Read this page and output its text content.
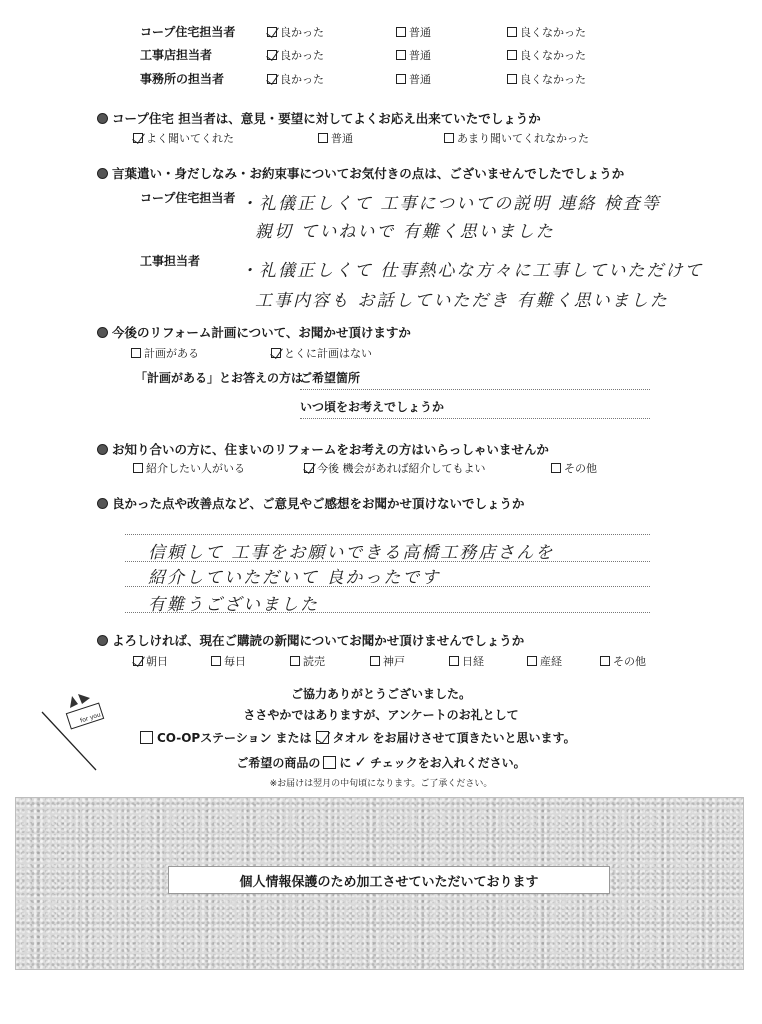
コープ住宅担当者	良かった	普通	良くなかった
工事店担当者	良かった	普通	良くなかった
事務所の担当者	良かった	普通	良くなかった
コープ住宅 担当者は、意見・要望に対してよくお応え出来ていたでしょうか
よく聞いてくれた	普通	あまり聞いてくれなかった
言葉遣い・身だしなみ・お約束事についてお気付きの点は、ございませんでしたでしょうか
コープ住宅担当者 ・礼儀正しくて 工事についての説明 連絡 検査等
親切 ていねいで 有難く思いました
工事担当者 ・礼儀正しくて 仕事熱心な方々に工事していただけて
工事内容も お話していただき 有難く思いました
今後のリフォーム計画について、お聞かせ頂けますか
計画がある	とくに計画はない
「計画がある」とお答えの方は
ご希望箇所
いつ頃をお考えでしょうか
お知り合いの方に、住まいのリフォームをお考えの方はいらっしゃいませんか
紹介したい人がいる	今後 機会があれば紹介してもよい	その他
良かった点や改善点など、ご意見やご感想をお聞かせ頂けないでしょうか
信頼して 工事をお願いできる高橋工務店さんを
紹介していただいて 良かったです
有難うございました
よろしければ、現在ご購読の新聞についてお聞かせ頂けませんでしょうか
朝日	毎日	読売	神戸	日経	産経	その他
for you
ご協力ありがとうございました。
ささやかではありますが、アンケートのお礼として
CO-OPステーション または タオル をお届けさせて頂きたいと思います。
ご希望の商品の に ✓ チェックをお入れください。
※お届けは翌月の中旬頃になります。ご了承ください。
個人情報保護のため加工させていただいております
